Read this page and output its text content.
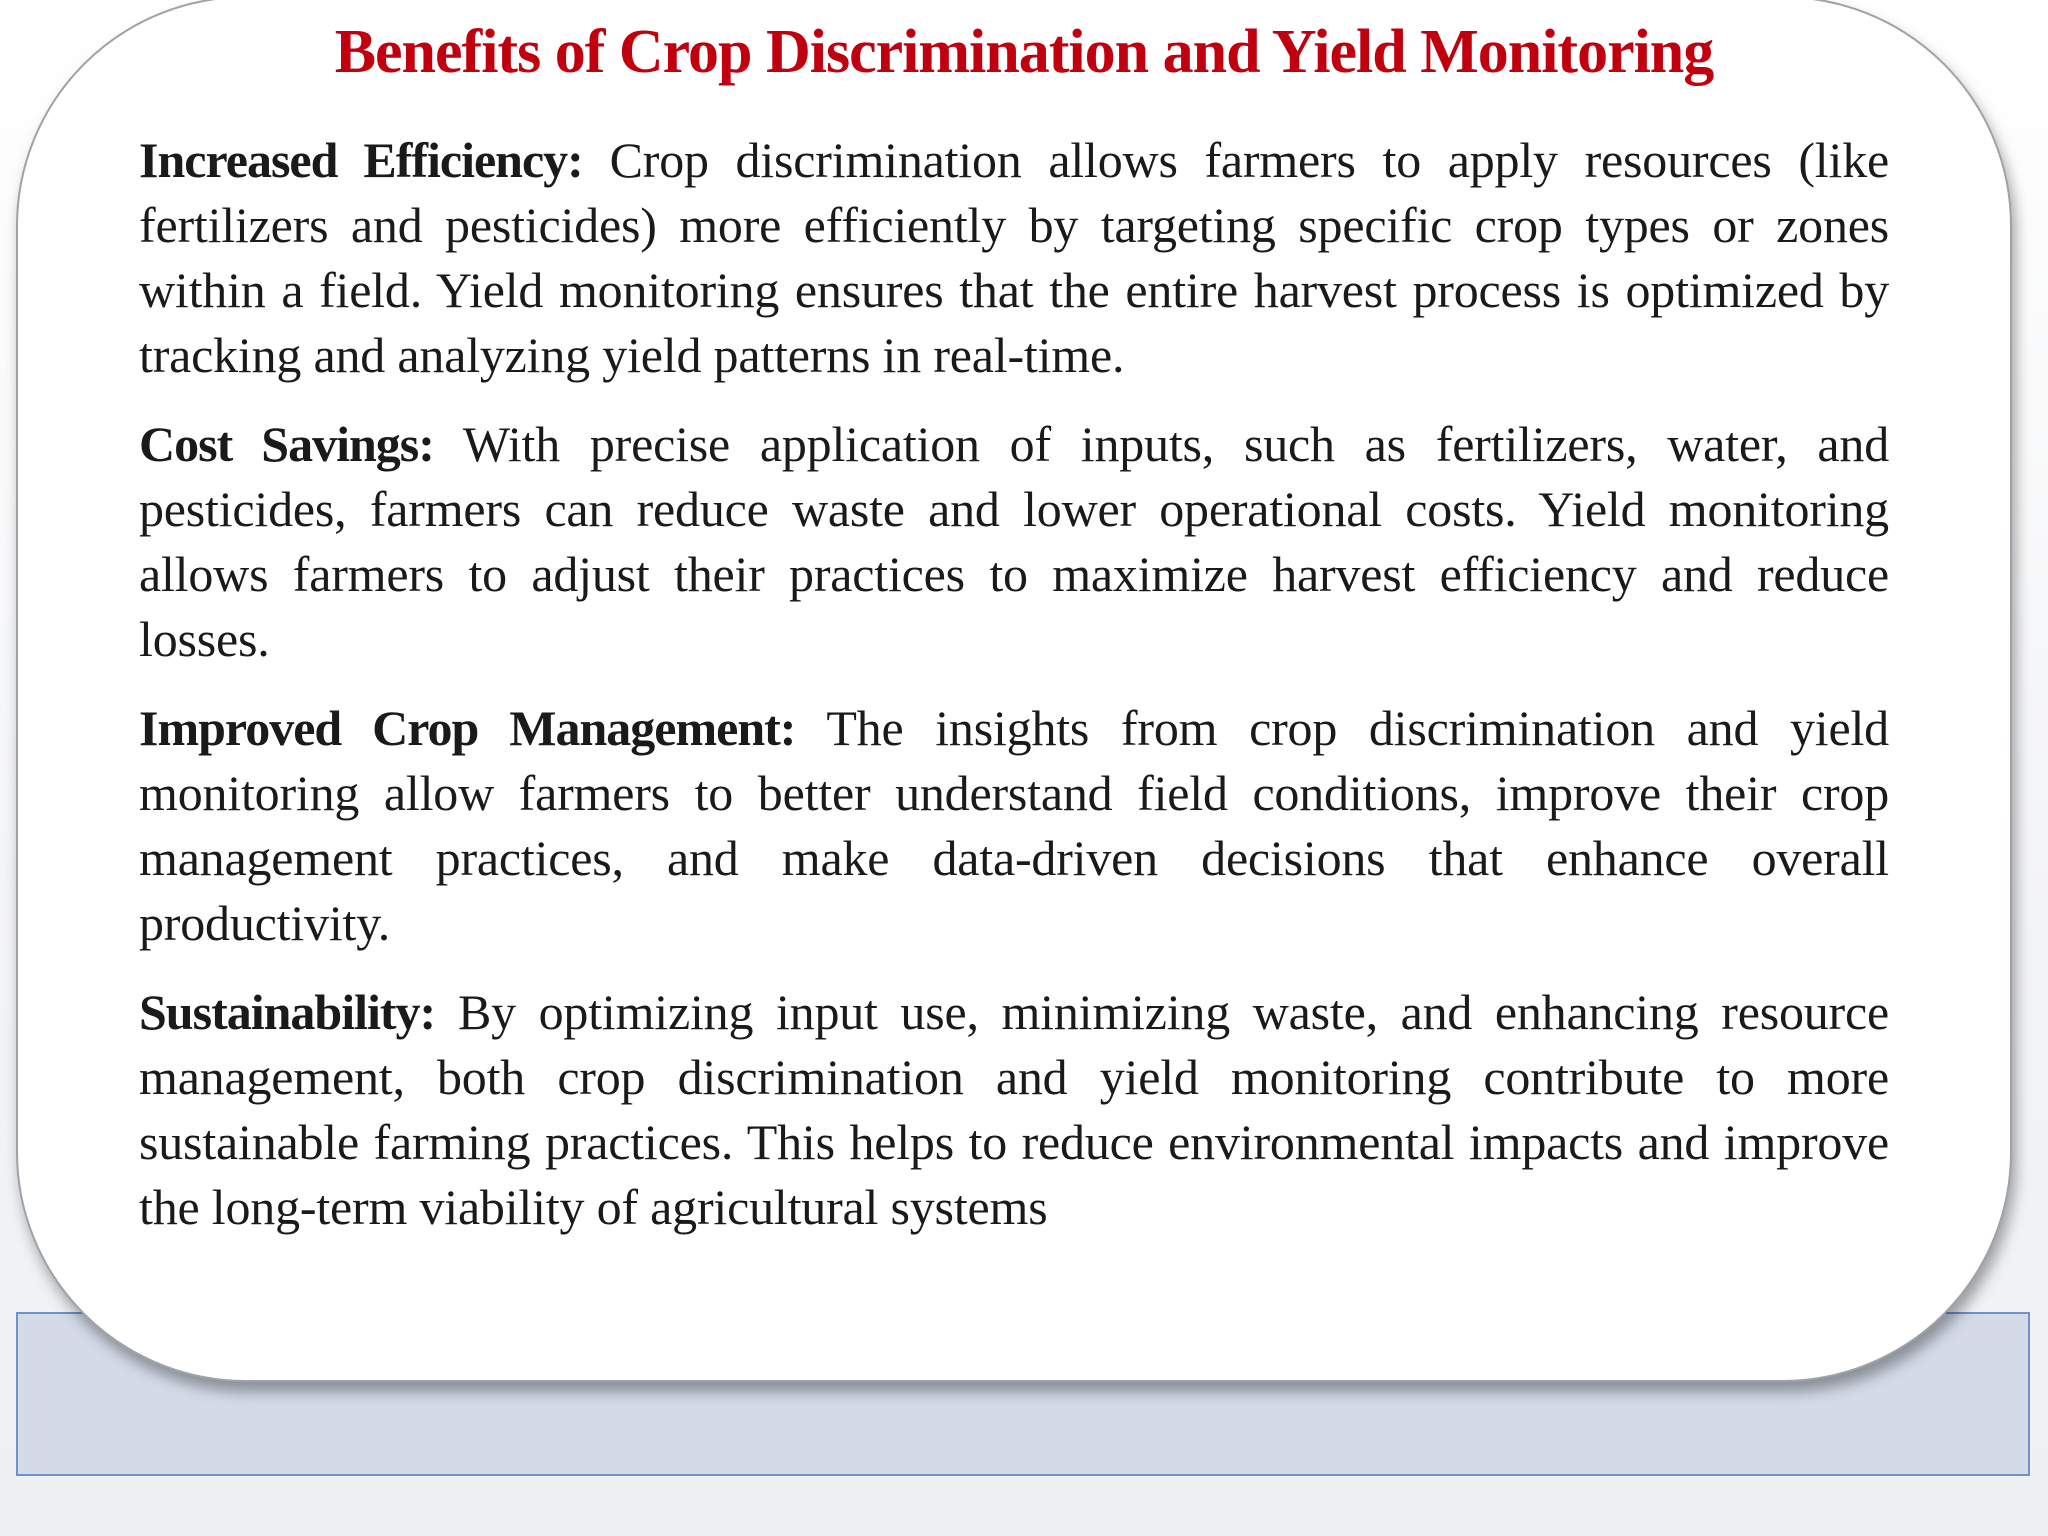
Benefits of Crop Discrimination and Yield Monitoring

Increased Efficiency: Crop discrimination allows farmers to apply resources (like fertilizers and pesticides) more efficiently by targeting specific crop types or zones within a field. Yield monitoring ensures that the entire harvest process is optimized by tracking and analyzing yield patterns in real-time.

Cost Savings: With precise application of inputs, such as fertilizers, water, and pesticides, farmers can reduce waste and lower operational costs. Yield monitoring allows farmers to adjust their practices to maximize harvest efficiency and reduce losses.

Improved Crop Management: The insights from crop discrimination and yield monitoring allow farmers to better understand field conditions, improve their crop management practices, and make data-driven decisions that enhance overall productivity.

Sustainability: By optimizing input use, minimizing waste, and enhancing resource management, both crop discrimination and yield monitoring contribute to more sustainable farming practices. This helps to reduce environmental impacts and improve the long-term viability of agricultural systems
